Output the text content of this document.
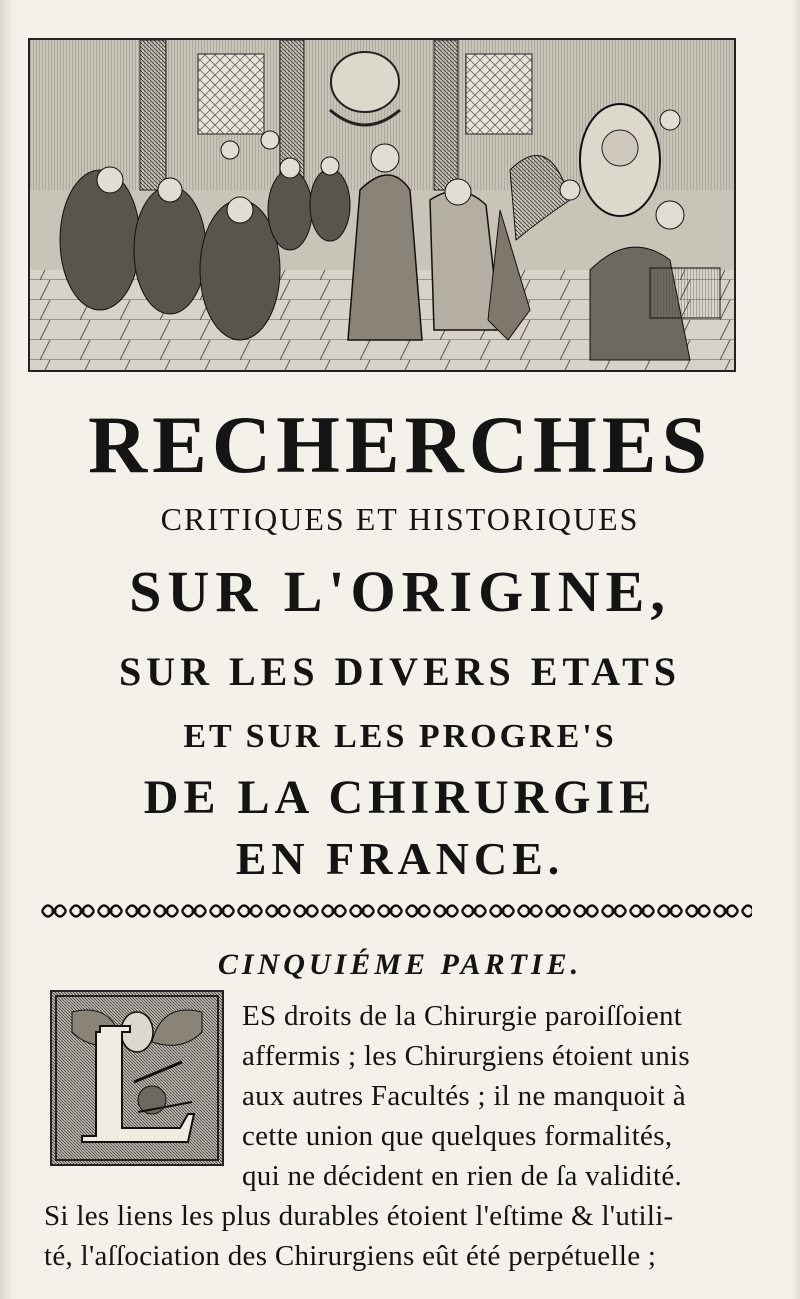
RECHERCHES
CRITIQUES ET HISTORIQUES
SUR L'ORIGINE,
SUR LES DIVERS ETATS
ET SUR LES PROGRE'S
DE LA CHIRURGIE
EN FRANCE.
CINQUIÉME PARTIE.
ES droits de la Chirurgie paroiſſoient
affermis ; les Chirurgiens étoient unis
aux autres Facultés ; il ne manquoit à
cette union que quelques formalités,
qui ne décident en rien de ſa validité.
Si les liens les plus durables étoient l'eſtime & l'utili-
té, l'aſſociation des Chirurgiens eût été perpétuelle ;
